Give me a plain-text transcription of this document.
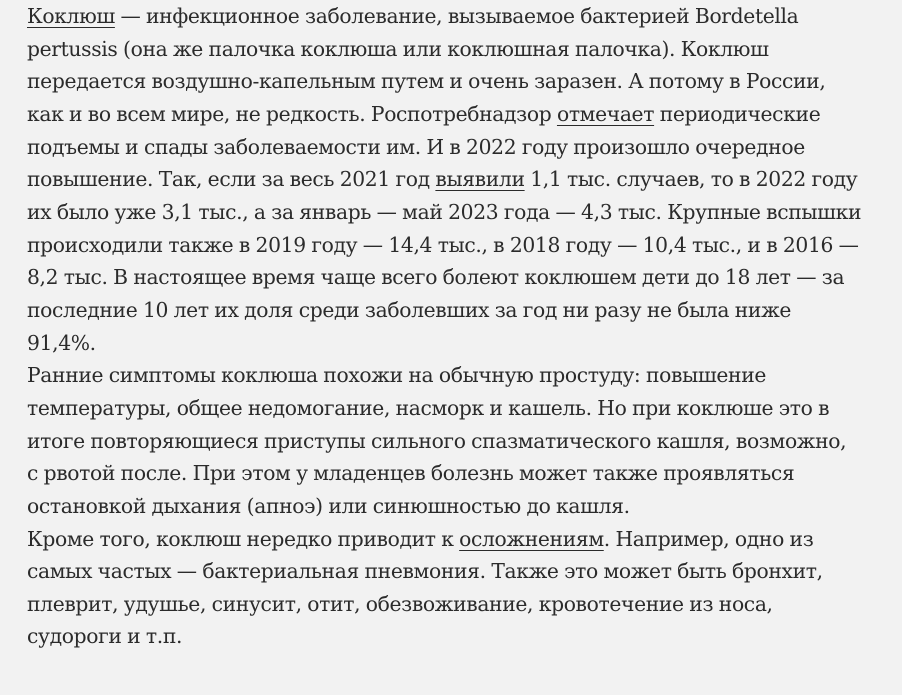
Коклюш — инфекционное заболевание, вызываемое бактерией Bordetella
pertussis (она же палочка коклюша или коклюшная палочка). Коклюш
передается воздушно-капельным путем и очень заразен. А потому в России,
как и во всем мире, не редкость. Роспотребнадзор отмечает периодические
подъемы и спады заболеваемости им. И в 2022 году произошло очередное
повышение. Так, если за весь 2021 год выявили 1,1 тыс. случаев, то в 2022 году
их было уже 3,1 тыс., а за январь — май 2023 года — 4,3 тыс. Крупные вспышки
происходили также в 2019 году — 14,4 тыс., в 2018 году — 10,4 тыс., и в 2016 —
8,2 тыс. В настоящее время чаще всего болеют коклюшем дети до 18 лет — за
последние 10 лет их доля среди заболевших за год ни разу не была ниже
91,4%.
Ранние симптомы коклюша похожи на обычную простуду: повышение
температуры, общее недомогание, насморк и кашель. Но при коклюше это в
итоге повторяющиеся приступы сильного спазматического кашля, возможно,
с рвотой после. При этом у младенцев болезнь может также проявляться
остановкой дыхания (апноэ) или синюшностью до кашля.
Кроме того, коклюш нередко приводит к осложнениям. Например, одно из
самых частых — бактериальная пневмония. Также это может быть бронхит,
плеврит, удушье, синусит, отит, обезвоживание, кровотечение из носа,
судороги и т.п.
